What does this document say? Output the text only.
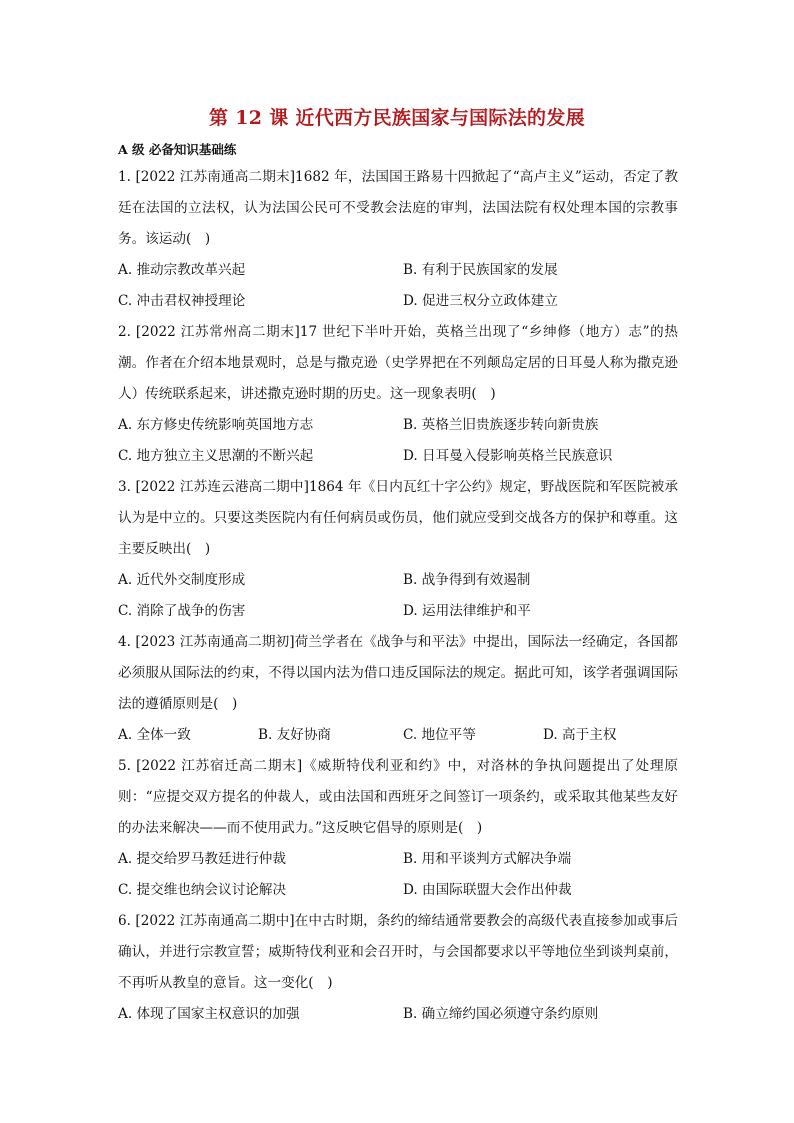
第 12 课 近代西方民族国家与国际法的发展
A 级 必备知识基础练

1. [2022 江苏南通高二期末]1682 年，法国国王路易十四掀起了“高卢主义”运动，否定了教廷在法国的立法权，认为法国公民可不受教会法庭的审判，法国法院有权处理本国的宗教事务。该运动(　)

A. 推动宗教改革兴起	B. 有利于民族国家的发展
C. 冲击君权神授理论	D. 促进三权分立政体建立

2. [2022 江苏常州高二期末]17 世纪下半叶开始，英格兰出现了“乡绅修（地方）志”的热潮。作者在介绍本地景观时，总是与撒克逊（史学界把在不列颠岛定居的日耳曼人称为撒克逊人）传统联系起来，讲述撒克逊时期的历史。这一现象表明(　)

A. 东方修史传统影响英国地方志	B. 英格兰旧贵族逐步转向新贵族
C. 地方独立主义思潮的不断兴起	D. 日耳曼入侵影响英格兰民族意识

3. [2022 江苏连云港高二期中]1864 年《日内瓦红十字公约》规定，野战医院和军医院被承认为是中立的。只要这类医院内有任何病员或伤员，他们就应受到交战各方的保护和尊重。这主要反映出(　)

A. 近代外交制度形成	B. 战争得到有效遏制
C. 消除了战争的伤害	D. 运用法律维护和平

4. [2023 江苏南通高二期初]荷兰学者在《战争与和平法》中提出，国际法一经确定，各国都必须服从国际法的约束，不得以国内法为借口违反国际法的规定。据此可知，该学者强调国际法的遵循原则是(　)

A. 全体一致	B. 友好协商	C. 地位平等	D. 高于主权

5. [2022 江苏宿迁高二期末]《威斯特伐利亚和约》中，对洛林的争执问题提出了处理原则：“应提交双方提名的仲裁人，或由法国和西班牙之间签订一项条约，或采取其他某些友好的办法来解决——而不使用武力。”这反映它倡导的原则是(　)

A. 提交给罗马教廷进行仲裁	B. 用和平谈判方式解决争端
C. 提交维也纳会议讨论解决	D. 由国际联盟大会作出仲裁

6. [2022 江苏南通高二期中]在中古时期，条约的缔结通常要教会的高级代表直接参加或事后确认，并进行宗教宣誓；威斯特伐利亚和会召开时，与会国都要求以平等地位坐到谈判桌前，不再听从教皇的意旨。这一变化(　)

A. 体现了国家主权意识的加强	B. 确立缔约国必须遵守条约原则
